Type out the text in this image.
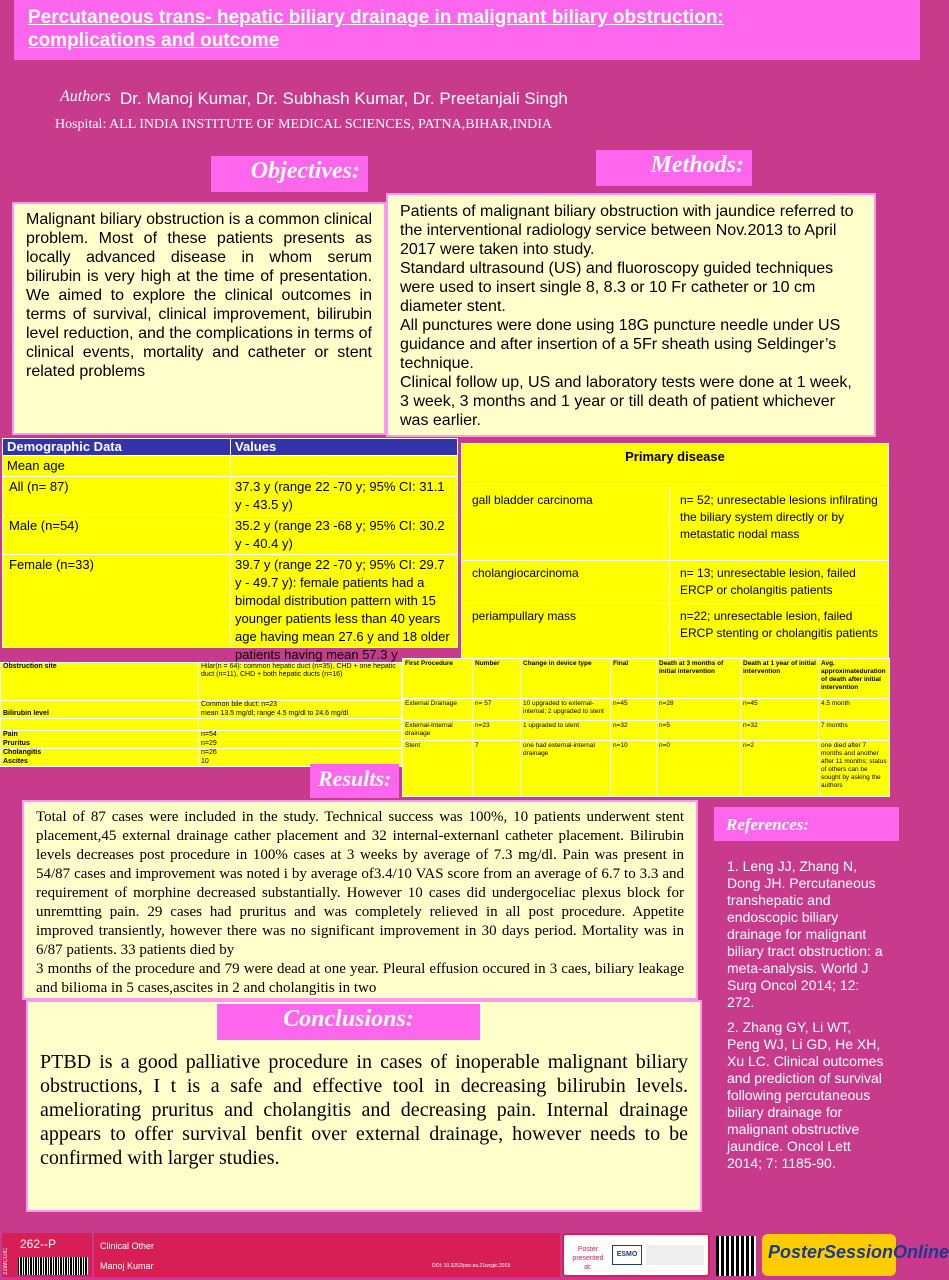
Percutaneous trans- hepatic biliary drainage in malignant biliary obstruction:
complications and outcome
Authors Dr. Manoj Kumar, Dr. Subhash Kumar, Dr. Preetanjali Singh
Hospital: ALL INDIA INSTITUTE OF MEDICAL SCIENCES, PATNA,BIHAR,INDIA
Objectives:	Methods:
Malignant biliary obstruction is a common clinical problem. Most of these patients presents as locally advanced disease in whom serum bilirubin is very high at the time of presentation. We aimed to explore the clinical outcomes in terms of survival, clinical improvement, bilirubin level reduction, and the complications in terms of clinical events, mortality and catheter or stent related problems
Patients of malignant biliary obstruction with jaundice referred to the interventional radiology service between Nov.2013 to April 2017 were taken into study.
Standard ultrasound (US) and fluoroscopy guided techniques were used to insert single 8, 8.3 or 10 Fr catheter or 10 cm diameter stent.
All punctures were done using 18G puncture needle under US guidance and after insertion of a 5Fr sheath using Seldinger’s technique.
Clinical follow up, US and laboratory tests were done at 1 week, 3 week, 3 months and 1 year or till death of patient whichever was earlier.
Demographic Data	Values
Mean age	
All (n= 87)	37.3 y (range 22 -70 y; 95% CI: 31.1 y - 43.5 y)
Male (n=54)	35.2 y (range 23 -68 y; 95% CI: 30.2 y - 40.4 y)
Female (n=33)	39.7 y (range 22 -70 y; 95% CI: 29.7 y - 49.7 y): female patients had a bimodal distribution pattern with 15 younger patients less than 40 years age having mean 27.6 y and 18 older patients having mean 57.3 y
Primary disease	
gall bladder carcinoma	n= 52; unresectable lesions infilrating the biliary system directly or by metastatic nodal mass
cholangiocarcinoma	n= 13; unresectable lesion, failed ERCP or cholangitis patients
periampullary mass	n=22; unresectable lesion, failed ERCP stenting or cholangitis patients
Obstruction site	Hilar(n = 64): common hepatic duct (n=35), CHD + one hepatic duct (n=11), CHD + both hepatic ducts (n=16)
	Common bile duct: n=23
Bilirubin level	mean 13.5 mg/dl; range 4.5 mg/dl to 24.6 mg/dl

Pain	n=54
Pruritus	n=29
Cholangitis	n=26
Ascites	10
First Procedure	Number	Change in device type	Final	Death at 3 months of initial intervention	Death at 1 year of initial intervention	Avg. approximateduration of death after initial intervention
External Drainage	n= 57	10 upgraded to external-internal; 2 upgraded to stent	n=45	n=28	n=45	4.5 month
External-Internal drainage	n=23	1 upgraded to stent	n=32	n=5	n=32	7 months
Stent	7	one had external-internal drainage	n=10	n=0	n=2	one died after 7 months and another after 11 months; status of others can be sought by asking the authors
Results:
Total of 87 cases were included in the study. Technical success was 100%, 10 patients underwent stent placement,45 external drainage cather placement and 32 internal-externanl catheter placement. Bilirubin levels decreases post procedure in 100% cases at 3 weeks by average of 7.3 mg/dl. Pain was present in 54/87 cases and improvement was noted i by average of3.4/10 VAS score from an average of 6.7 to 3.3 and requirement of morphine decreased substantially. However 10 cases did undergoceliac plexus block for unremtting pain. 29 cases had pruritus and was completely relieved in all post procedure. Appetite improved transiently, however there was no significant improvement in 30 days period. Mortality was in 6/87 patients. 33 patients died by
3 months of the procedure and 79 were dead at one year. Pleural effusion occured in 3 caes, biliary leakage and bilioma in 5 cases,ascites in 2 and cholangitis in two
PTBD is a good palliative procedure in cases of inoperable malignant biliary obstructions, I t is a safe and effective tool in decreasing bilirubin levels. ameliorating pruritus and cholangitis and decreasing pain. Internal drainage appears to offer survival benfit over external drainage, however needs to be confirmed with larger studies.
Conclusions:
References:

1. Leng JJ, Zhang N, Dong JH. Percutaneous transhepatic and endoscopic biliary drainage for malignant biliary tract obstruction: a meta-analysis. World J Surg Oncol 2014; 12: 272.

2. Zhang GY, Li WT, Peng WJ, Li GD, He XH, Xu LC. Clinical outcomes and prediction of survival following percutaneous biliary drainage for malignant obstructive jaundice. Oncol Lett 2014; 7: 1185-90.

21WCGIC
262--P	Clinical Other
Manoj Kumar	DOI: 10.3252/pso.eu.21wcgic.2019
Poster presented at:
ESMO	PosterSessionOnline
